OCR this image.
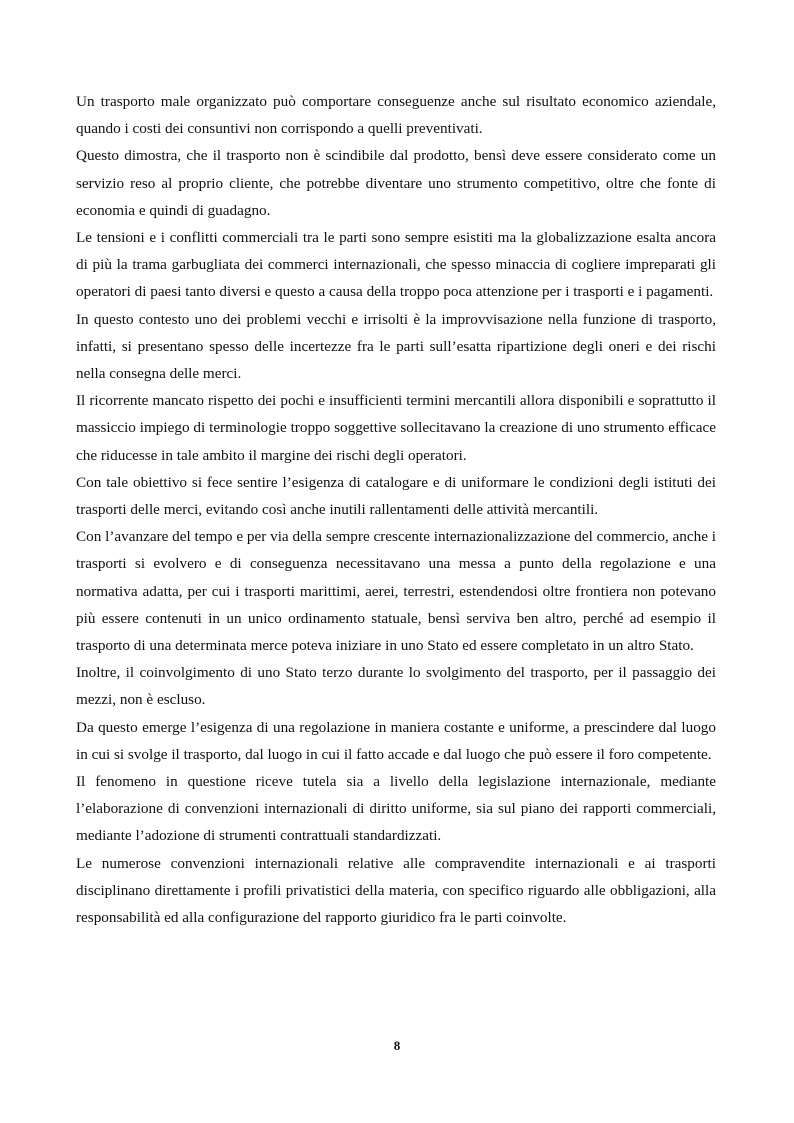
Un trasporto male organizzato può comportare conseguenze anche sul risultato economico aziendale, quando i costi dei consuntivi non corrispondo a quelli preventivati.

Questo dimostra, che il trasporto non è scindibile dal prodotto, bensì deve essere considerato come un servizio reso al proprio cliente, che potrebbe diventare uno strumento competitivo, oltre che fonte di economia e quindi di guadagno.

Le tensioni e i conflitti commerciali tra le parti sono sempre esistiti ma la globalizzazione esalta ancora di più la trama garbugliata dei commerci internazionali, che spesso minaccia di cogliere impreparati gli operatori di paesi tanto diversi e questo a causa della troppo poca attenzione per i trasporti e i pagamenti.

In questo contesto uno dei problemi vecchi e irrisolti è la improvvisazione nella funzione di trasporto, infatti, si presentano spesso delle incertezze fra le parti sull’esatta ripartizione degli oneri e dei rischi nella consegna delle merci.

Il ricorrente mancato rispetto dei pochi e insufficienti termini mercantili allora disponibili e soprattutto il massiccio impiego di terminologie troppo soggettive sollecitavano la creazione di uno strumento efficace che riducesse in tale ambito il margine dei rischi degli operatori.

Con tale obiettivo si fece sentire l’esigenza di catalogare e di uniformare le condizioni degli istituti dei trasporti delle merci, evitando così anche inutili rallentamenti delle attività mercantili.

Con l’avanzare del tempo e per via della sempre crescente internazionalizzazione del commercio, anche i trasporti si evolvero e di conseguenza necessitavano una messa a punto della regolazione e una normativa adatta, per cui i trasporti marittimi, aerei, terrestri, estendendosi oltre frontiera non potevano più essere contenuti in un unico ordinamento statuale, bensì serviva ben altro, perché ad esempio il trasporto di una determinata merce poteva iniziare in uno Stato ed essere completato in un altro Stato.

Inoltre, il coinvolgimento di uno Stato terzo durante lo svolgimento del trasporto, per il passaggio dei mezzi, non è escluso.

Da questo emerge l’esigenza di una regolazione in maniera costante e uniforme, a prescindere dal luogo in cui si svolge il trasporto, dal luogo in cui il fatto accade e dal luogo che può essere il foro competente.

Il fenomeno in questione riceve tutela sia a livello della legislazione internazionale, mediante l’elaborazione di convenzioni internazionali di diritto uniforme, sia sul piano dei rapporti commerciali, mediante l’adozione di strumenti contrattuali standardizzati.

Le numerose convenzioni internazionali relative alle compravendite internazionali e ai trasporti disciplinano direttamente i profili privatistici della materia, con specifico riguardo alle obbligazioni, alla responsabilità ed alla configurazione del rapporto giuridico fra le parti coinvolte.

8
